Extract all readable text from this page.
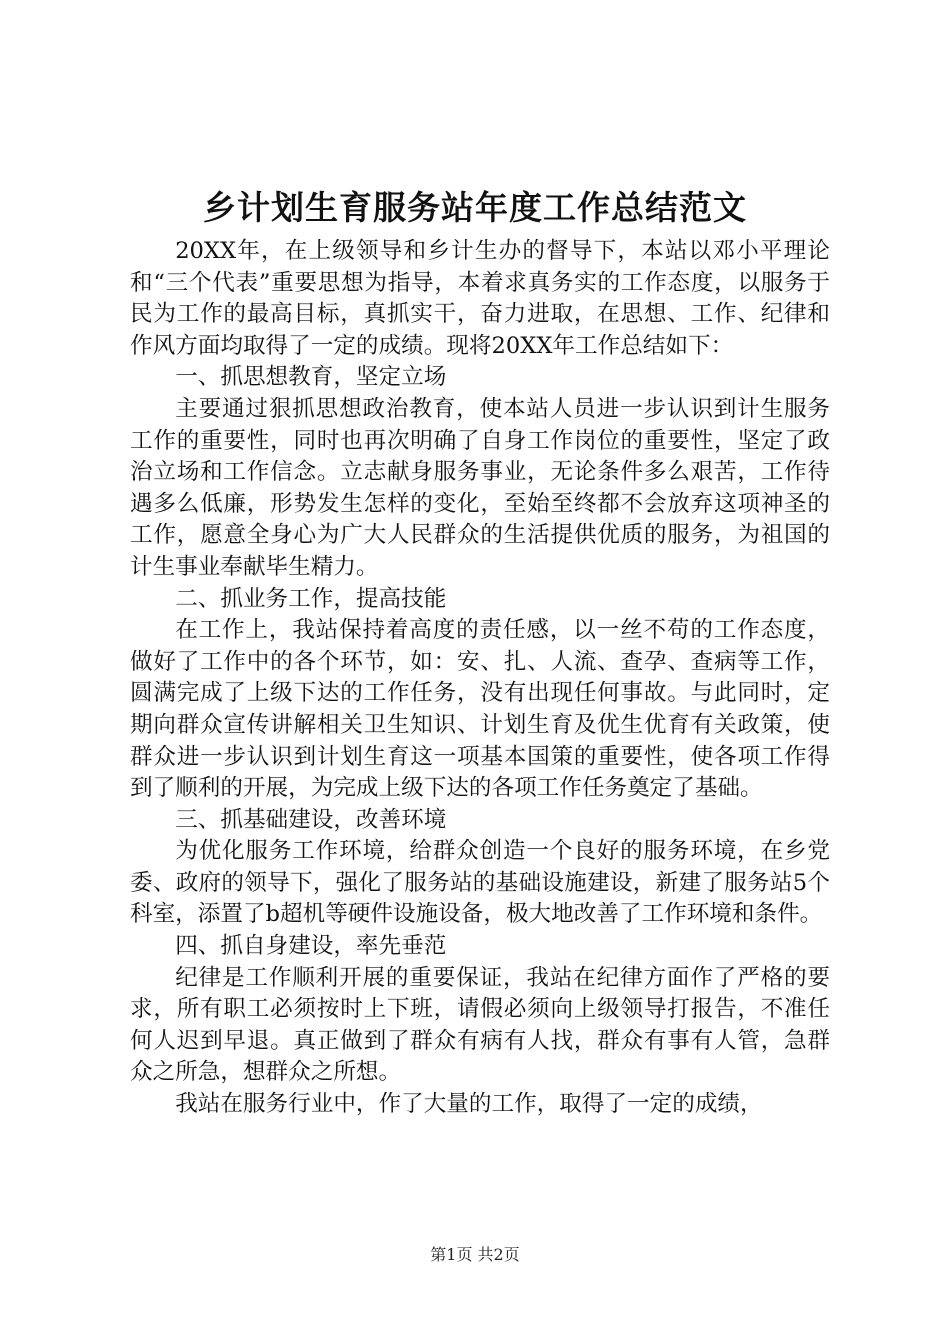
乡计划生育服务站年度工作总结范文

20XX年，在上级领导和乡计生办的督导下，本站以邓小平理论和“三个代表”重要思想为指导，本着求真务实的工作态度，以服务于民为工作的最高目标，真抓实干，奋力进取，在思想、工作、纪律和作风方面均取得了一定的成绩。现将20XX年工作总结如下：

一、抓思想教育，坚定立场

主要通过狠抓思想政治教育，使本站人员进一步认识到计生服务工作的重要性，同时也再次明确了自身工作岗位的重要性，坚定了政治立场和工作信念。立志献身服务事业，无论条件多么艰苦，工作待遇多么低廉，形势发生怎样的变化，至始至终都不会放弃这项神圣的工作，愿意全身心为广大人民群众的生活提供优质的服务，为祖国的计生事业奉献毕生精力。

二、抓业务工作，提高技能

在工作上，我站保持着高度的责任感，以一丝不苟的工作态度，做好了工作中的各个环节，如：安、扎、人流、查孕、查病等工作，圆满完成了上级下达的工作任务，没有出现任何事故。与此同时，定期向群众宣传讲解相关卫生知识、计划生育及优生优育有关政策，使群众进一步认识到计划生育这一项基本国策的重要性，使各项工作得到了顺利的开展，为完成上级下达的各项工作任务奠定了基础。

三、抓基础建设，改善环境

为优化服务工作环境，给群众创造一个良好的服务环境，在乡党委、政府的领导下，强化了服务站的基础设施建设，新建了服务站5个科室，添置了b超机等硬件设施设备，极大地改善了工作环境和条件。

四、抓自身建设，率先垂范

纪律是工作顺利开展的重要保证，我站在纪律方面作了严格的要求，所有职工必须按时上下班，请假必须向上级领导打报告，不准任何人迟到早退。真正做到了群众有病有人找，群众有事有人管，急群众之所急，想群众之所想。

我站在服务行业中，作了大量的工作，取得了一定的成绩，

第1页 共2页
